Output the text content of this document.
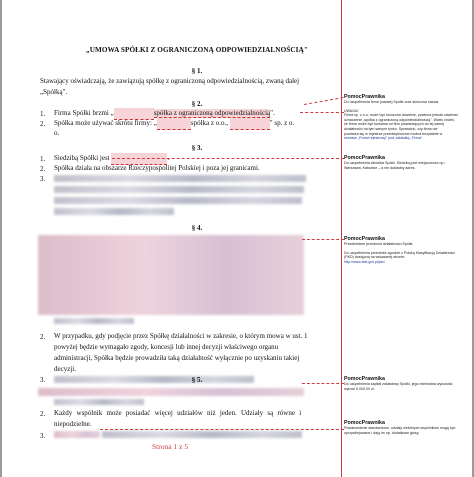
„UMOWA SPÓŁKI Z OGRANICZONĄ ODPOWIEDZIALNOŚCIĄ"
§ 1.
Stawający oświadczają, że zawiązują spółkę z ograniczoną odpowiedzialnością, zwaną dalej
„Spółką".
§ 2.
1. Firma Spółki brzmi „	spółka z ograniczoną odpowiedzialnością".
2. Spółka może używać skrótu firmy: „	spółka z o.o.,	" sp. z o.
o.
§ 3.
1. Siedzibą Spółki jest	.
2. Spółka działa na obszarze Rzeczypospolitej Polskiej i poza jej granicami.
3.
§ 4.
2. W przypadku, gdy podjęcie przez Spółkę działalności w zakresie, o którym mowa w ust. 1
powyżej będzie wymagało zgody, koncesji lub innej decyzji właściwego organu
administracji, Spółka będzie prowadziła taką działalność wyłącznie po uzyskaniu takiej
decyzji.
3.	§ 5.
2. Każdy wspólnik może posiadać więcej udziałów niż jeden. Udziały są równe i
niepodzielne.
3.
Strona 1 z 5
PomocPrawnika
Do uzupełnienia firma (nazwa) Spółki oraz skrócona nazwa.
UWAGA!
Firma sp. z o.o. może być tworzona dowolnie, powinna jednak zawierać
oznaczenie „spółka z ograniczoną odpowiedzialnością". Warto chcieć,
że firma może być tożsama od firm prowadzących do tej samej
działalności na tym samym rynku. Sprawdzić, czy firma nie
powtarza się w rejestrze przedsiębiorców można bezpłatnie w
serwisie „Portal rejestrowy" pod zakładką „Firma".
PomocPrawnika
Do uzupełnienia siedziba Spółki. Siedzibą jest miejscowość np.:
Warszawa, Katowice – a nie dokładny adres.
PomocPrawnika
Przedmiotem przedmiot działalności Spółki.
Do uzupełnienia przedmiot zgodnie z Polską Klasyfikacją Działalności
(PKD) dostępną na wskazanej stronie:
http://www.stat.gov.pl/pkd
PomocPrawnika
Do uzupełnienia kapitał zakładowy Spółki, jego minimalna wysokość
wynosi 5.000,00 zł.
PomocPrawnika
Postanowienie standardowe, udziały niektórych wspólników mogą być
uprzywilejowane i dają im np. dodatkowe głosy.
